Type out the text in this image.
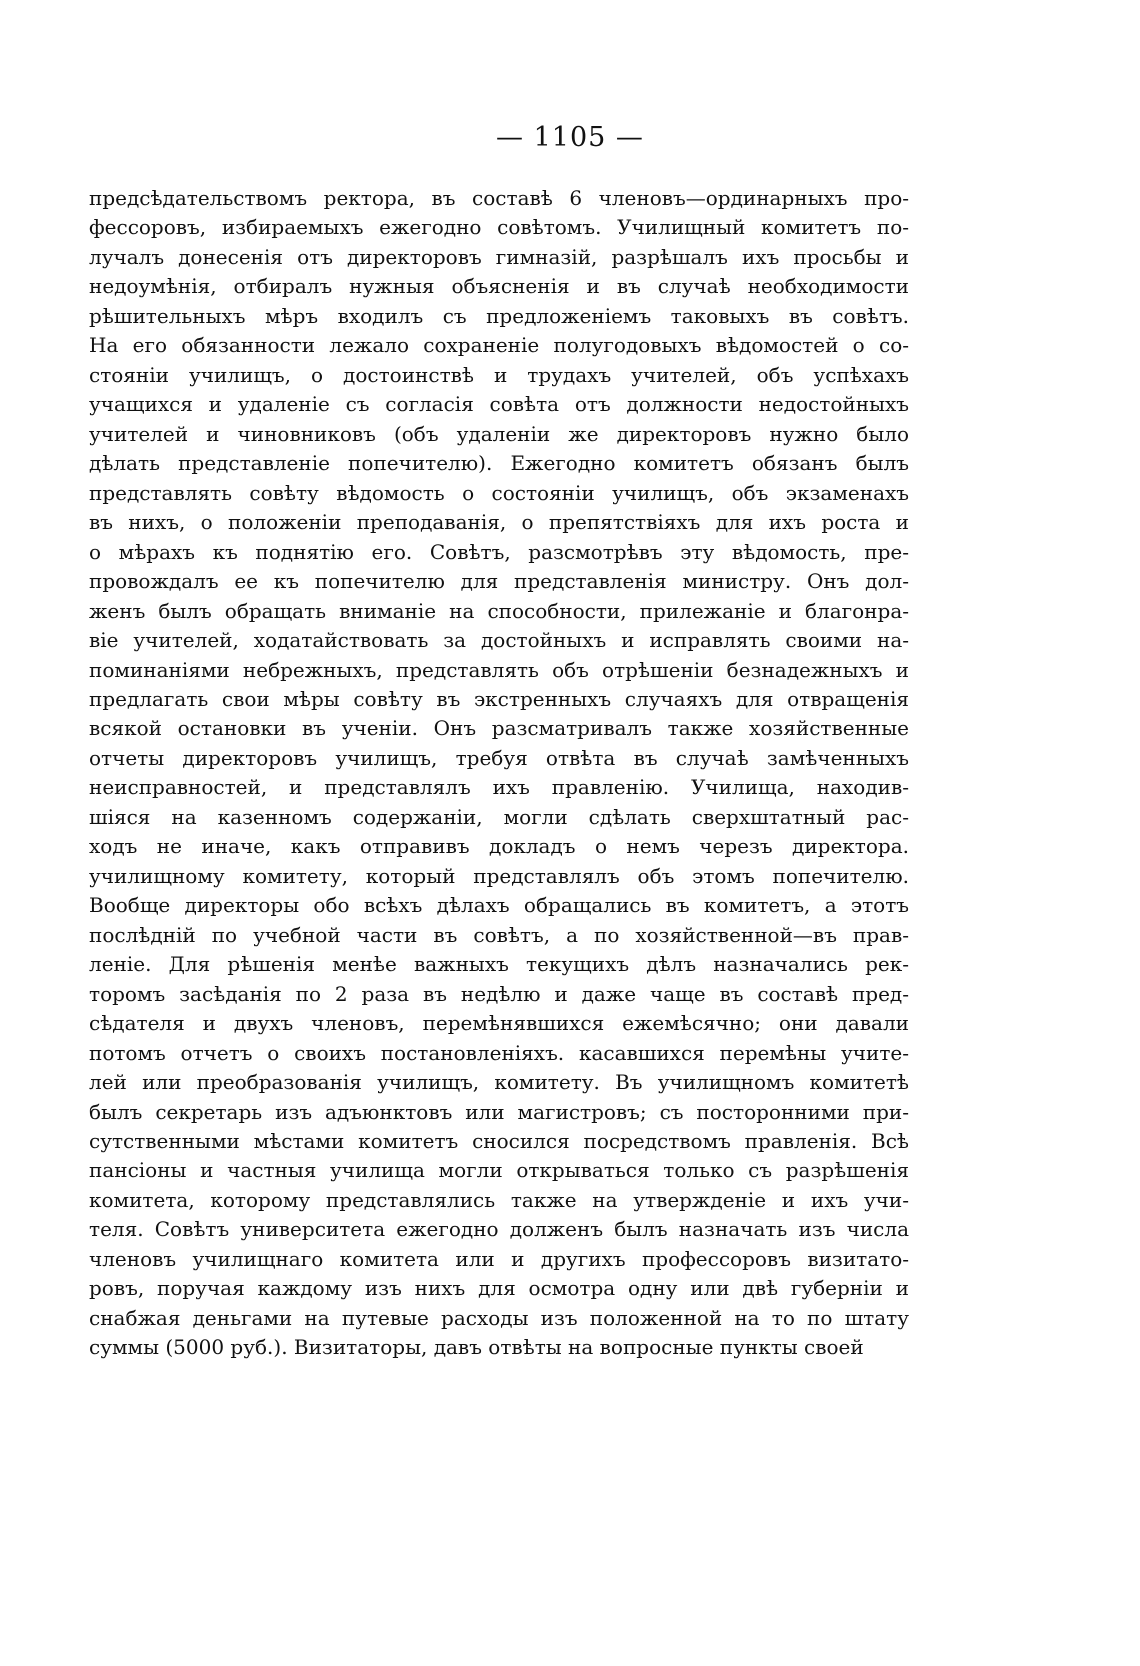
— 1105 —
предсѣдательствомъ ректора, въ составѣ 6 членовъ—ординарныхъ про-
фессоровъ, избираемыхъ ежегодно совѣтомъ. Училищный комитетъ по-
лучалъ донесенія отъ директоровъ гимназій, разрѣшалъ ихъ просьбы и
недоумѣнія, отбиралъ нужныя объясненія и въ случаѣ необходимости
рѣшительныхъ мѣръ входилъ съ предложеніемъ таковыхъ въ совѣтъ.
На его обязанности лежало сохраненіе полугодовыхъ вѣдомостей о со-
стояніи училищъ, о достоинствѣ и трудахъ учителей, объ успѣхахъ
учащихся и удаленіе съ согласія совѣта отъ должности недостойныхъ
учителей и чиновниковъ (объ удаленіи же директоровъ нужно было
дѣлать представленіе попечителю). Ежегодно комитетъ обязанъ былъ
представлять совѣту вѣдомость о состояніи училищъ, объ экзаменахъ
въ нихъ, о положеніи преподаванія, о препятствіяхъ для ихъ роста и
о мѣрахъ къ поднятію его. Совѣтъ, разсмотрѣвъ эту вѣдомость, пре-
провождалъ ее къ попечителю для представленія министру. Онъ дол-
женъ былъ обращать вниманіе на способности, прилежаніе и благонра-
віе учителей, ходатайствовать за достойныхъ и исправлять своими на-
поминаніями небрежныхъ, представлять объ отрѣшеніи безнадежныхъ и
предлагать свои мѣры совѣту въ экстренныхъ случаяхъ для отвращенія
всякой остановки въ ученіи. Онъ разсматривалъ также хозяйственные
отчеты директоровъ училищъ, требуя отвѣта въ случаѣ замѣченныхъ
неисправностей, и представлялъ ихъ правленію. Училища, находив-
шіяся на казенномъ содержаніи, могли сдѣлать сверхштатный рас-
ходъ не иначе, какъ отправивъ докладъ о немъ черезъ директора.
училищному комитету, который представлялъ объ этомъ попечителю.
Вообще директоры обо всѣхъ дѣлахъ обращались въ комитетъ, а этотъ
послѣдній по учебной части въ совѣтъ, а по хозяйственной—въ прав-
леніе. Для рѣшенія менѣе важныхъ текущихъ дѣлъ назначались рек-
торомъ засѣданія по 2 раза въ недѣлю и даже чаще въ составѣ пред-
сѣдателя и двухъ членовъ, перемѣнявшихся ежемѣсячно; они давали
потомъ отчетъ о своихъ постановленіяхъ. касавшихся перемѣны учите-
лей или преобразованія училищъ, комитету. Въ училищномъ комитетѣ
былъ секретарь изъ адъюнктовъ или магистровъ; съ посторонними при-
сутственными мѣстами комитетъ сносился посредствомъ правленія. Всѣ
пансіоны и частныя училища могли открываться только съ разрѣшенія
комитета, которому представлялись также на утвержденіе и ихъ учи-
теля. Совѣтъ университета ежегодно долженъ былъ назначать изъ числа
членовъ училищнаго комитета или и другихъ профессоровъ визитато-
ровъ, поручая каждому изъ нихъ для осмотра одну или двѣ губерніи и
снабжая деньгами на путевые расходы изъ положенной на то по штату
суммы (5000 руб.). Визитаторы, давъ отвѣты на вопросные пункты своей
